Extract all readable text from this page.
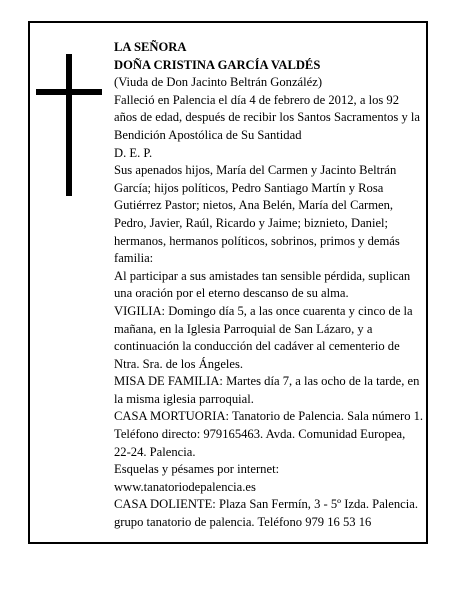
LA SEÑORA

DOÑA CRISTINA GARCÍA VALDÉS

(Viuda de Don Jacinto Beltrán Gonzáléz)

Falleció en Palencia el día 4 de febrero de 2012, a los 92 años de edad, después de recibir los Santos Sacramentos y la Bendición Apostólica de Su Santidad

D. E. P.

Sus apenados hijos, María del Carmen y Jacinto Beltrán García; hijos políticos, Pedro Santiago Martín y Rosa Gutiérrez Pastor; nietos, Ana Belén, María del Carmen, Pedro, Javier, Raúl, Ricardo y Jaime; biznieto, Daniel; hermanos, hermanos políticos, sobrinos, primos y demás familia:

Al participar a sus amistades tan sensible pérdida, suplican una oración por el eterno descanso de su alma.

VIGILIA: Domingo día 5, a las once cuarenta y cinco de la mañana, en la Iglesia Parroquial de San Lázaro, y a continuación la conducción del cadáver al cementerio de Ntra. Sra. de los Ángeles.

MISA DE FAMILIA: Martes día 7, a las ocho de la tarde, en la misma iglesia parroquial.

CASA MORTUORIA: Tanatorio de Palencia. Sala número 1. Teléfono directo: 979165463. Avda. Comunidad Europea, 22-24. Palencia.

Esquelas y pésames por internet:

www.tanatoriodepalencia.es

CASA DOLIENTE: Plaza San Fermín, 3 - 5º Izda. Palencia.

grupo tanatorio de palencia. Teléfono 979 16 53 16
